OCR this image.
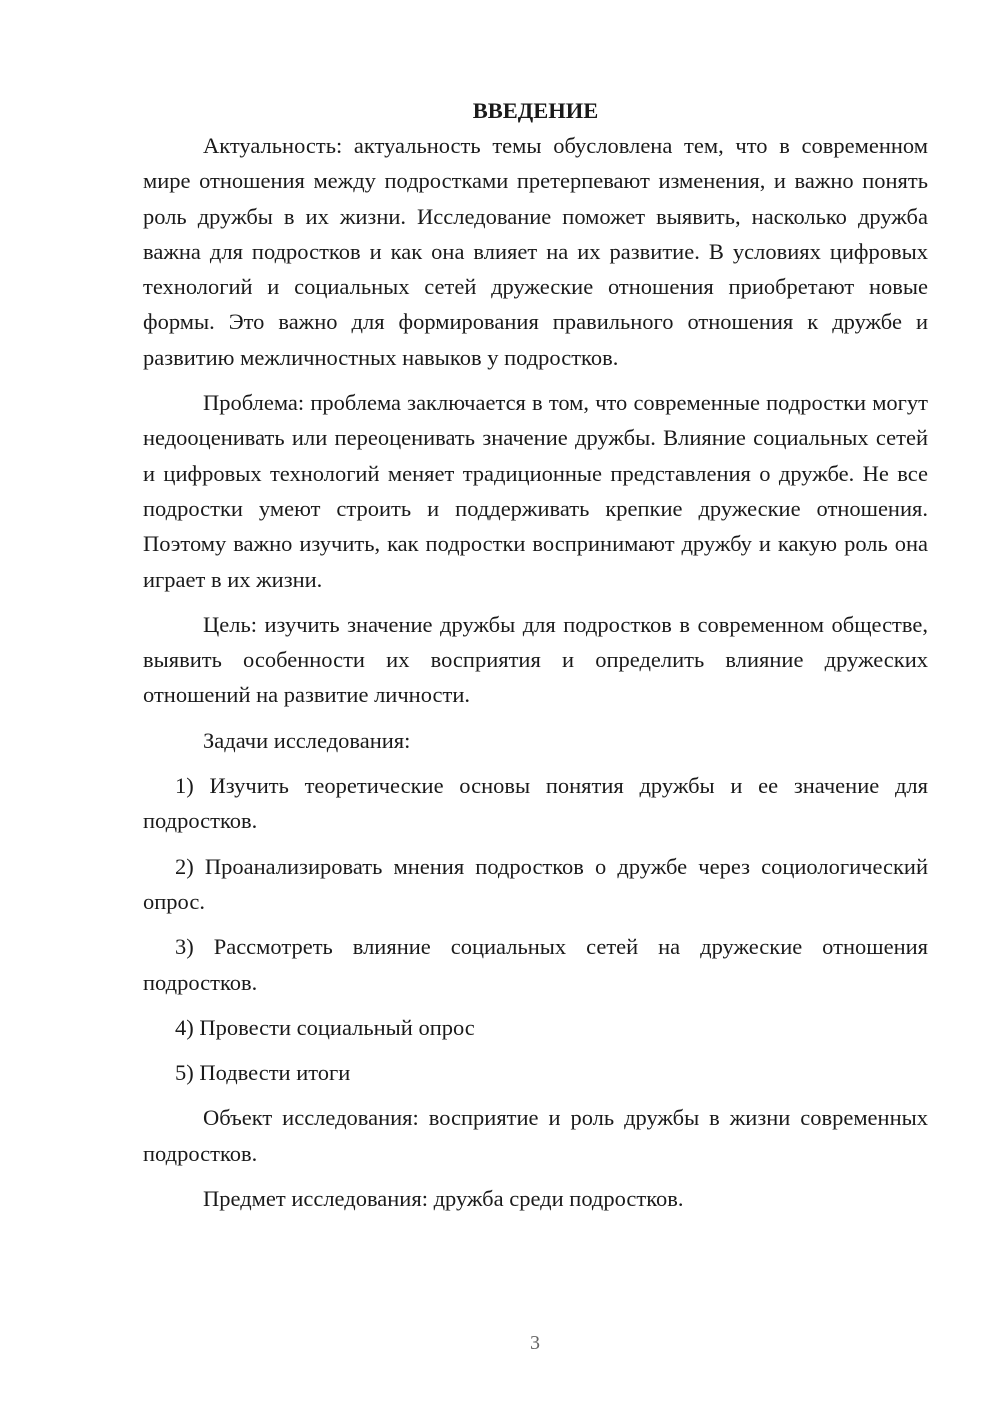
ВВЕДЕНИЕ

Актуальность: актуальность темы обусловлена тем, что в современном мире отношения между подростками претерпевают изменения, и важно понять роль дружбы в их жизни. Исследование поможет выявить, насколько дружба важна для подростков и как она влияет на их развитие. В условиях цифровых технологий и социальных сетей дружеские отношения приобретают новые формы. Это важно для формирования правильного отношения к дружбе и развитию межличностных навыков у подростков.

Проблема: проблема заключается в том, что современные подростки могут недооценивать или переоценивать значение дружбы. Влияние социальных сетей и цифровых технологий меняет традиционные представления о дружбе. Не все подростки умеют строить и поддерживать крепкие дружеские отношения. Поэтому важно изучить, как подростки воспринимают дружбу и какую роль она играет в их жизни.

Цель: изучить значение дружбы для подростков в современном обществе, выявить особенности их восприятия и определить влияние дружеских отношений на развитие личности.

Задачи исследования:

1) Изучить теоретические основы понятия дружбы и ее значение для подростков.

2) Проанализировать мнения подростков о дружбе через социологический опрос.

3) Рассмотреть влияние социальных сетей на дружеские отношения подростков.

4) Провести социальный опрос

5) Подвести итоги

Объект исследования: восприятие и роль дружбы в жизни современных подростков.

Предмет исследования: дружба среди подростков.

3
